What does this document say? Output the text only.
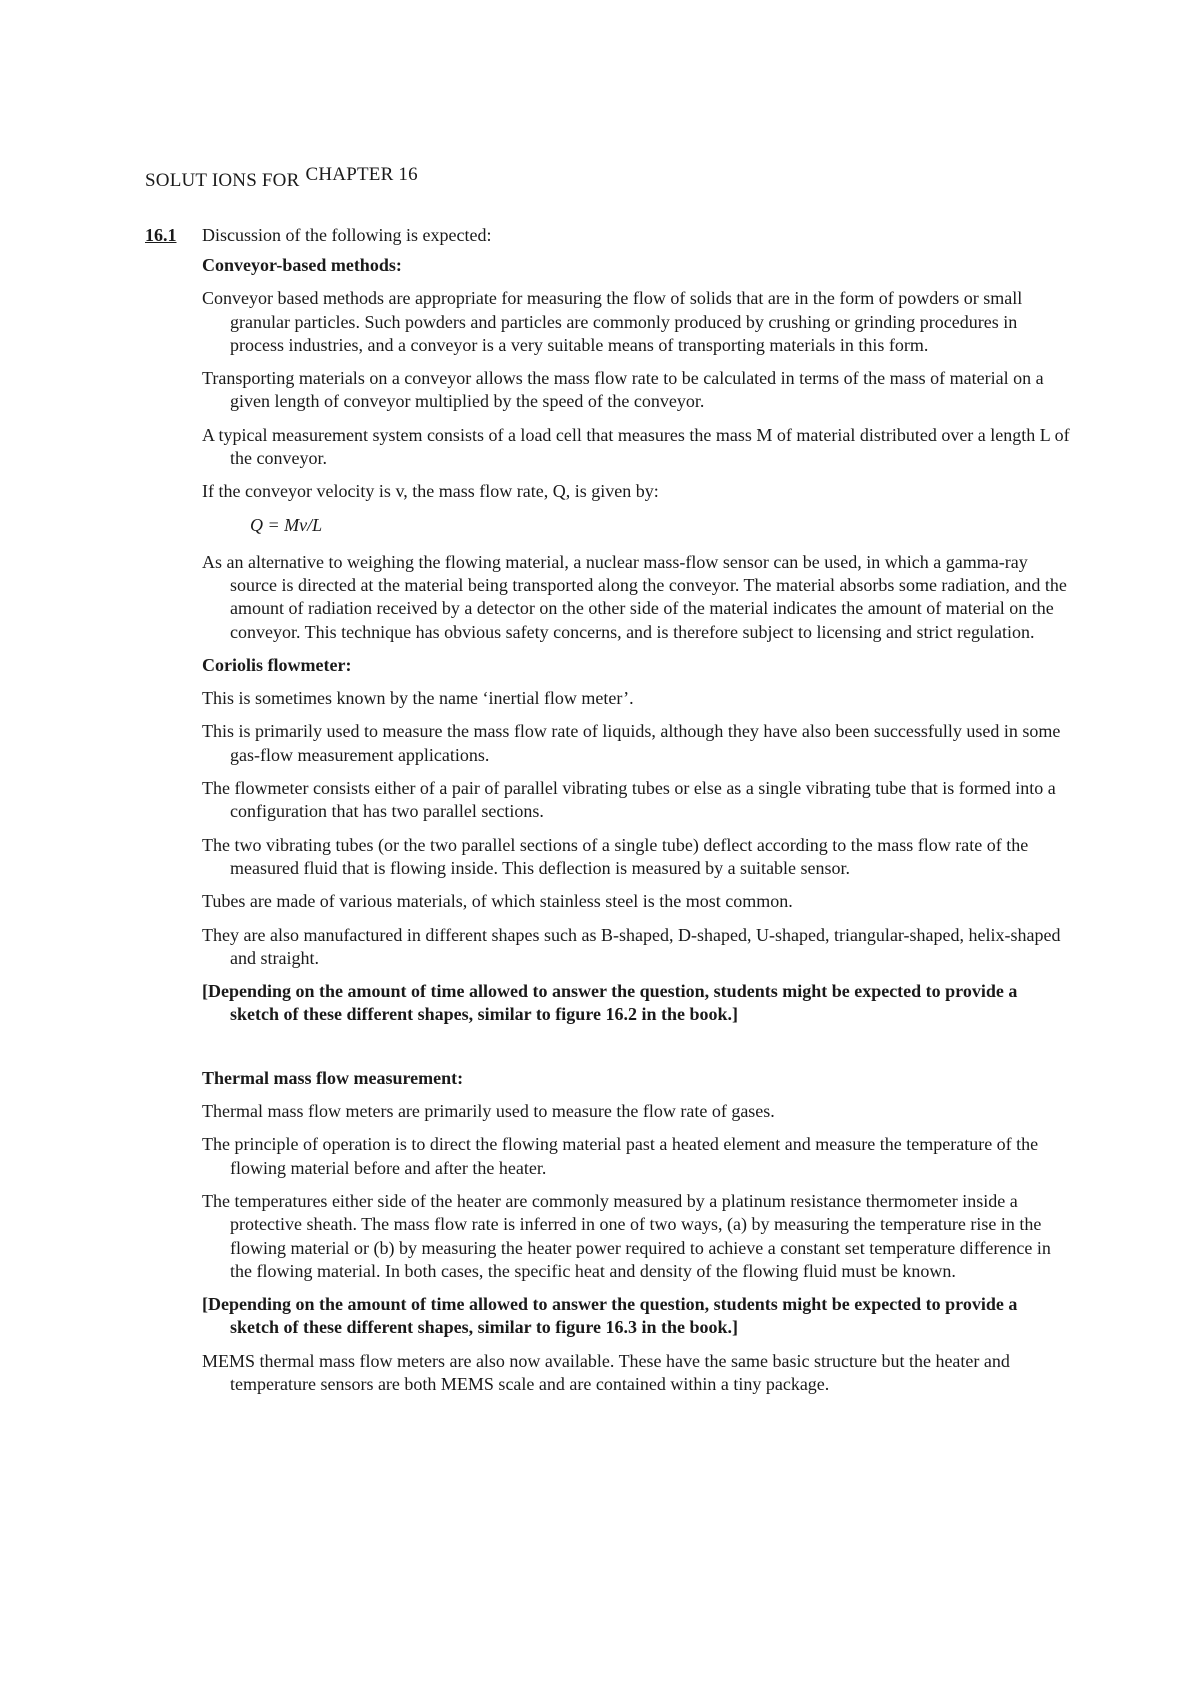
SOLUT IONS FOR CHAPTER 16
16.1	Discussion of the following is expected:

Conveyor-based methods:

Conveyor based methods are appropriate for measuring the flow of solids that are in the form of powders or small granular particles. Such powders and particles are commonly produced by crushing or grinding procedures in process industries, and a conveyor is a very suitable means of transporting materials in this form.

Transporting materials on a conveyor allows the mass flow rate to be calculated in terms of the mass of material on a given length of conveyor multiplied by the speed of the conveyor.

A typical measurement system consists of a load cell that measures the mass M of material distributed over a length L of the conveyor.

If the conveyor velocity is v, the mass flow rate, Q, is given by:

Q = Mv/L

As an alternative to weighing the flowing material, a nuclear mass-flow sensor can be used, in which a gamma-ray source is directed at the material being transported along the conveyor. The material absorbs some radiation, and the amount of radiation received by a detector on the other side of the material indicates the amount of material on the conveyor. This technique has obvious safety concerns, and is therefore subject to licensing and strict regulation.

Coriolis flowmeter:

This is sometimes known by the name ‘inertial flow meter’.

This is primarily used to measure the mass flow rate of liquids, although they have also been successfully used in some gas-flow measurement applications.

The flowmeter consists either of a pair of parallel vibrating tubes or else as a single vibrating tube that is formed into a configuration that has two parallel sections.

The two vibrating tubes (or the two parallel sections of a single tube) deflect according to the mass flow rate of the measured fluid that is flowing inside. This deflection is measured by a suitable sensor.

Tubes are made of various materials, of which stainless steel is the most common.

They are also manufactured in different shapes such as B-shaped, D-shaped, U-shaped, triangular-shaped, helix-shaped and straight.

[Depending on the amount of time allowed to answer the question, students might be expected to provide a sketch of these different shapes, similar to figure 16.2 in the book.]

Thermal mass flow measurement:

Thermal mass flow meters are primarily used to measure the flow rate of gases.

The principle of operation is to direct the flowing material past a heated element and measure the temperature of the flowing material before and after the heater.

The temperatures either side of the heater are commonly measured by a platinum resistance thermometer inside a protective sheath. The mass flow rate is inferred in one of two ways, (a) by measuring the temperature rise in the flowing material or (b) by measuring the heater power required to achieve a constant set temperature difference in the flowing material. In both cases, the specific heat and density of the flowing fluid must be known.

[Depending on the amount of time allowed to answer the question, students might be expected to provide a sketch of these different shapes, similar to figure 16.3 in the book.]

MEMS thermal mass flow meters are also now available. These have the same basic structure but the heater and temperature sensors are both MEMS scale and are contained within a tiny package.
